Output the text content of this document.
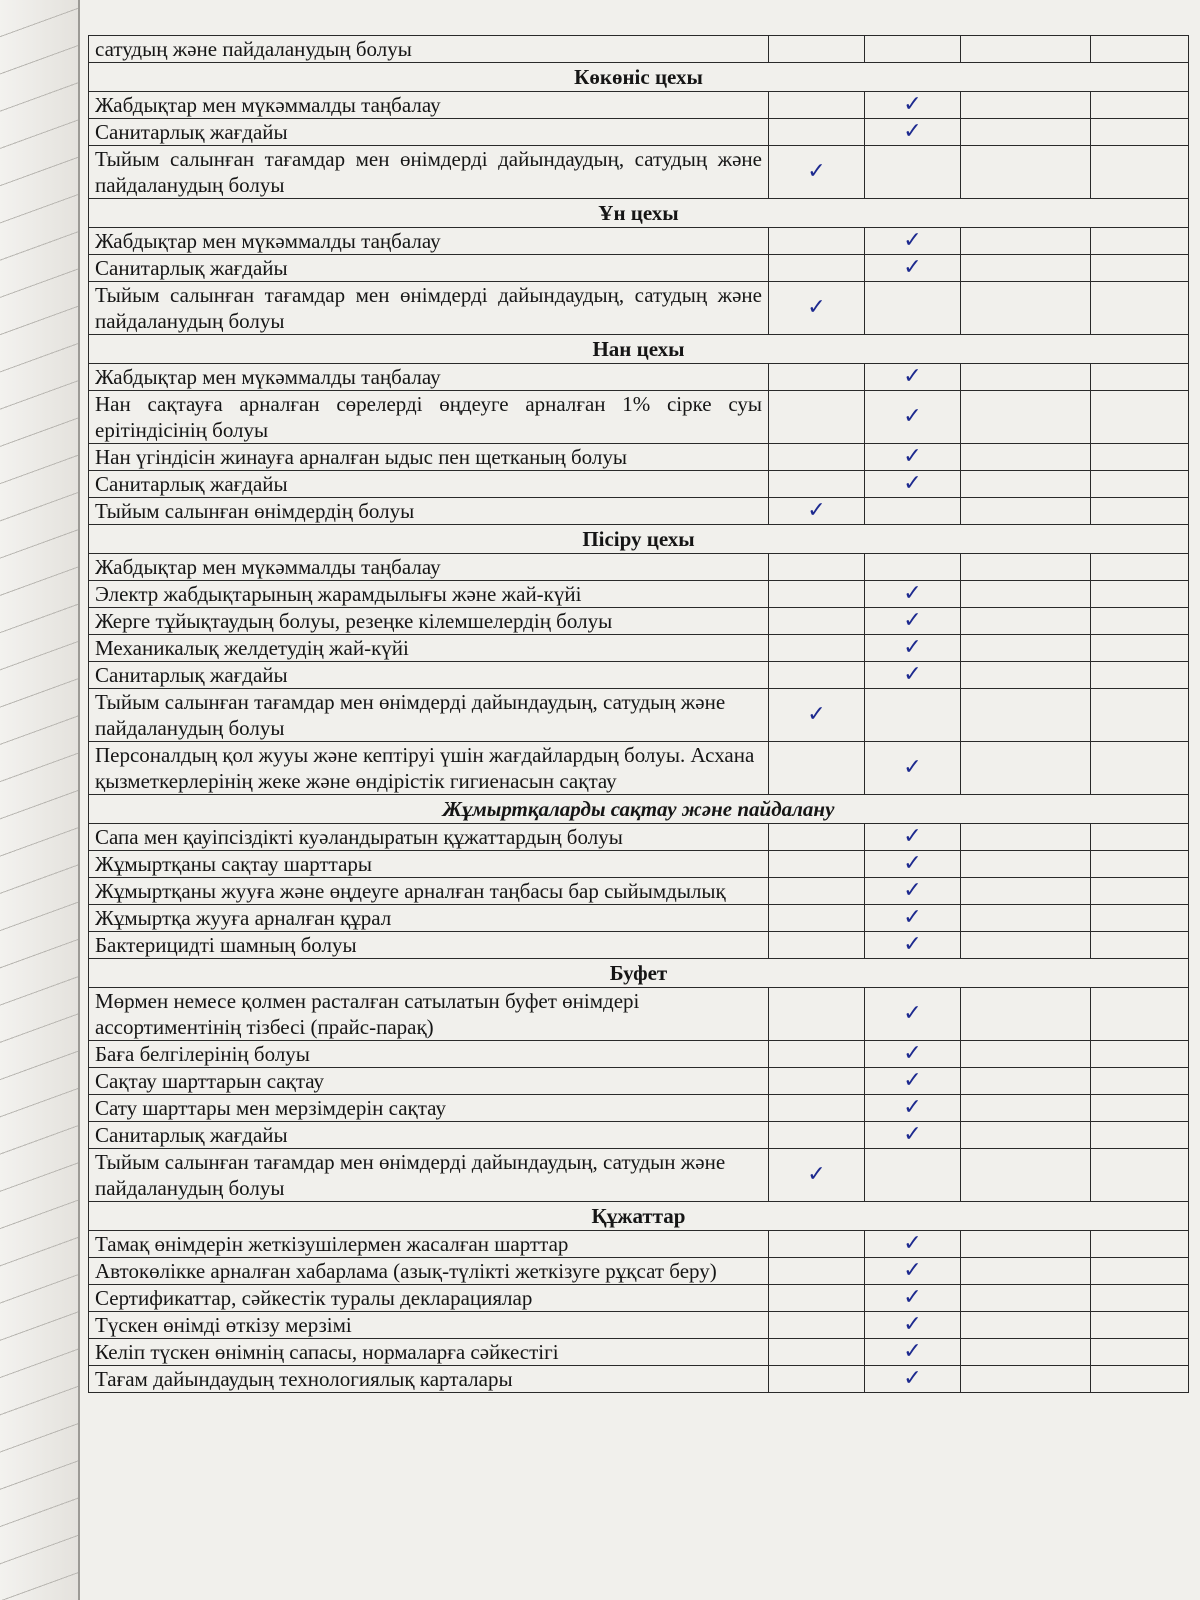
сатудың және пайдаланудың болуы				
Көкөніс цехы				
Жабдықтар мен мүкәммалды таңбалау		✓		
Санитарлық жағдайы		✓		
Тыйым салынған тағамдар мен өнімдерді дайындаудың, сатудың және пайдаланудың болуы	✓			
Ұн цехы				
Жабдықтар мен мүкәммалды таңбалау		✓		
Санитарлық жағдайы		✓		
Тыйым салынған тағамдар мен өнімдерді дайындаудың, сатудың және пайдаланудың болуы	✓			
Нан цехы				
Жабдықтар мен мүкәммалды таңбалау		✓		
Нан сақтауға арналған сөрелерді өңдеуге арналған 1% сірке суы ерітіндісінің болуы		✓		
Нан үгіндісін жинауға арналған ыдыс пен щетканың болуы		✓		
Санитарлық жағдайы		✓		
Тыйым салынған өнімдердің болуы	✓			
Пісіру цехы				
Жабдықтар мен мүкәммалды таңбалау				
Электр жабдықтарының жарамдылығы және жай-күйі		✓		
Жерге тұйықтаудың болуы, резеңке кілемшелердің болуы		✓		
Механикалық желдетудің жай-күйі		✓		
Санитарлық жағдайы		✓		
Тыйым салынған тағамдар мен өнімдерді дайындаудың, сатудың және пайдаланудың болуы	✓			
Персоналдың қол жууы және кептіруі үшін жағдайлардың болуы. Асхана қызметкерлерінің жеке және өндірістік гигиенасын сақтау		✓		
Жұмыртқаларды сақтау және пайдалану				
Сапа мен қауіпсіздікті куәландыратын құжаттардың болуы		✓		
Жұмыртқаны сақтау шарттары		✓		
Жұмыртқаны жууға және өңдеуге арналған таңбасы бар сыйымдылық		✓		
Жұмыртқа жууға арналған құрал		✓		
Бактерицидті шамның болуы		✓		
Буфет				
Мөрмен немесе қолмен расталған сатылатын буфет өнімдері ассортиментінің тізбесі (прайс-парақ)		✓		
Баға белгілерінің болуы		✓		
Сақтау шарттарын сақтау		✓		
Сату шарттары мен мерзімдерін сақтау		✓		
Санитарлық жағдайы		✓		
Тыйым салынған тағамдар мен өнімдерді дайындаудың, сатудын және пайдаланудың болуы	✓			
Құжаттар				
Тамақ өнімдерін жеткізушілермен жасалған шарттар		✓		
Автокөлікке арналған хабарлама (азық-түлікті жеткізуге рұқсат беру)		✓		
Сертификаттар, сәйкестік туралы декларациялар		✓		
Түскен өнімді өткізу мерзімі		✓		
Келіп түскен өнімнің сапасы, нормаларға сәйкестігі		✓		
Тағам дайындаудың технологиялық карталары		✓		
